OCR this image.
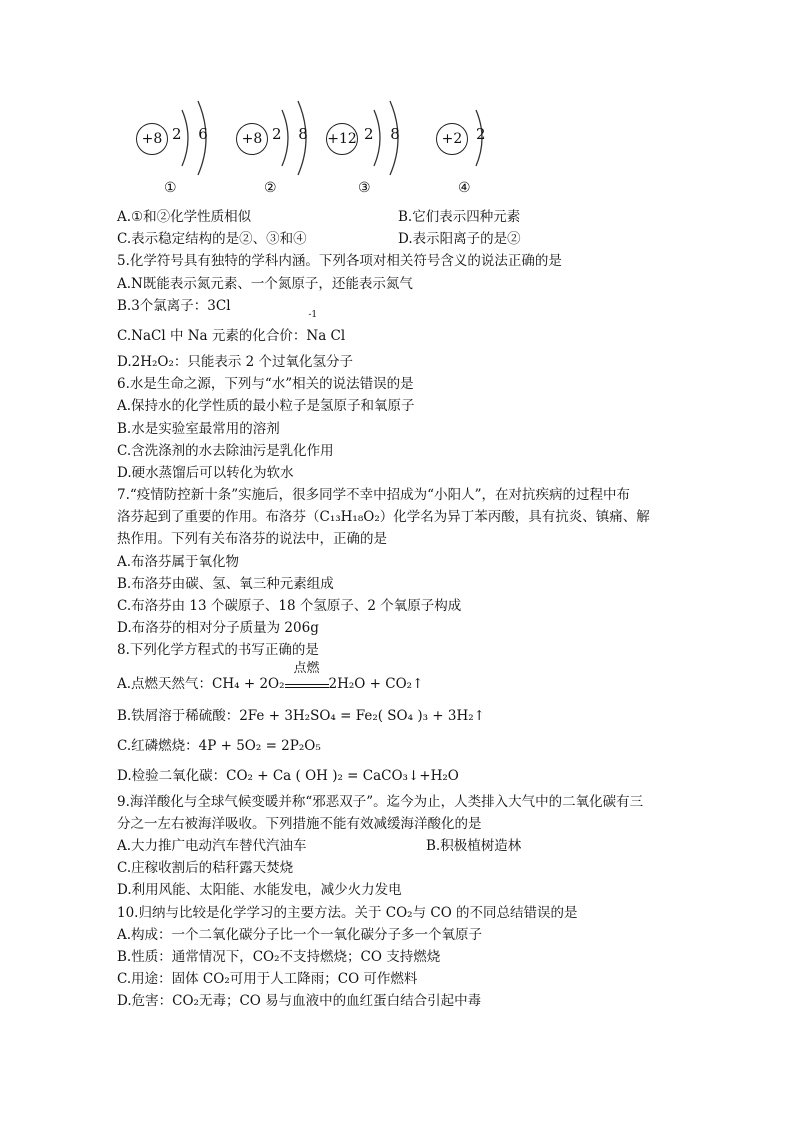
+8 2 6
①
+8 2 8
②
+12 2 8
③
+2 2
④
A.①和②化学性质相似	B.它们表示四种元素
C.表示稳定结构的是②、③和④	D.表示阳离子的是②
5.化学符号具有独特的学科内涵。下列各项对相关符号含义的说法正确的是
A.N既能表示氮元素、一个氮原子，还能表示氮气
B.3个氯离子：3Cl
C.NaCl 中 Na 元素的化合价：
-1
Na Cl
D.2H₂O₂：只能表示 2 个过氧化氢分子
6.水是生命之源，下列与“水”相关的说法错误的是
A.保持水的化学性质的最小粒子是氢原子和氧原子
B.水是实验室最常用的溶剂
C.含洗涤剂的水去除油污是乳化作用
D.硬水蒸馏后可以转化为软水
7.“疫情防控新十条”实施后，很多同学不幸中招成为“小阳人”，在对抗疾病的过程中布
洛芬起到了重要的作用。布洛芬（C₁₃H₁₈O₂）化学名为异丁苯丙酸，具有抗炎、镇痛、解
热作用。下列有关布洛芬的说法中，正确的是
A.布洛芬属于氧化物
B.布洛芬由碳、氢、氧三种元素组成
C.布洛芬由 13 个碳原子、18 个氢原子、2 个氧原子构成
D.布洛芬的相对分子质量为 206g
8.下列化学方程式的书写正确的是
A.点燃天然气：CH₄ + 2O₂
点燃
2H₂O + CO₂↑
B.铁屑溶于稀硫酸：2Fe + 3H₂SO₄ = Fe₂( SO₄ )₃ + 3H₂↑
C.红磷燃烧：4P + 5O₂ = 2P₂O₅
D.检验二氧化碳：CO₂ + Ca ( OH )₂ = CaCO₃↓+H₂O
9.海洋酸化与全球气候变暖并称“邪恶双子”。迄今为止，人类排入大气中的二氧化碳有三
分之一左右被海洋吸收。下列措施不能有效减缓海洋酸化的是
A.大力推广电动汽车替代汽油车	B.积极植树造林
C.庄稼收割后的秸秆露天焚烧
D.利用风能、太阳能、水能发电，减少火力发电
10.归纳与比较是化学学习的主要方法。关于 CO₂与 CO 的不同总结错误的是
A.构成：一个二氧化碳分子比一个一氧化碳分子多一个氧原子
B.性质：通常情况下，CO₂不支持燃烧；CO 支持燃烧
C.用途：固体 CO₂可用于人工降雨；CO 可作燃料
D.危害：CO₂无毒；CO 易与血液中的血红蛋白结合引起中毒
